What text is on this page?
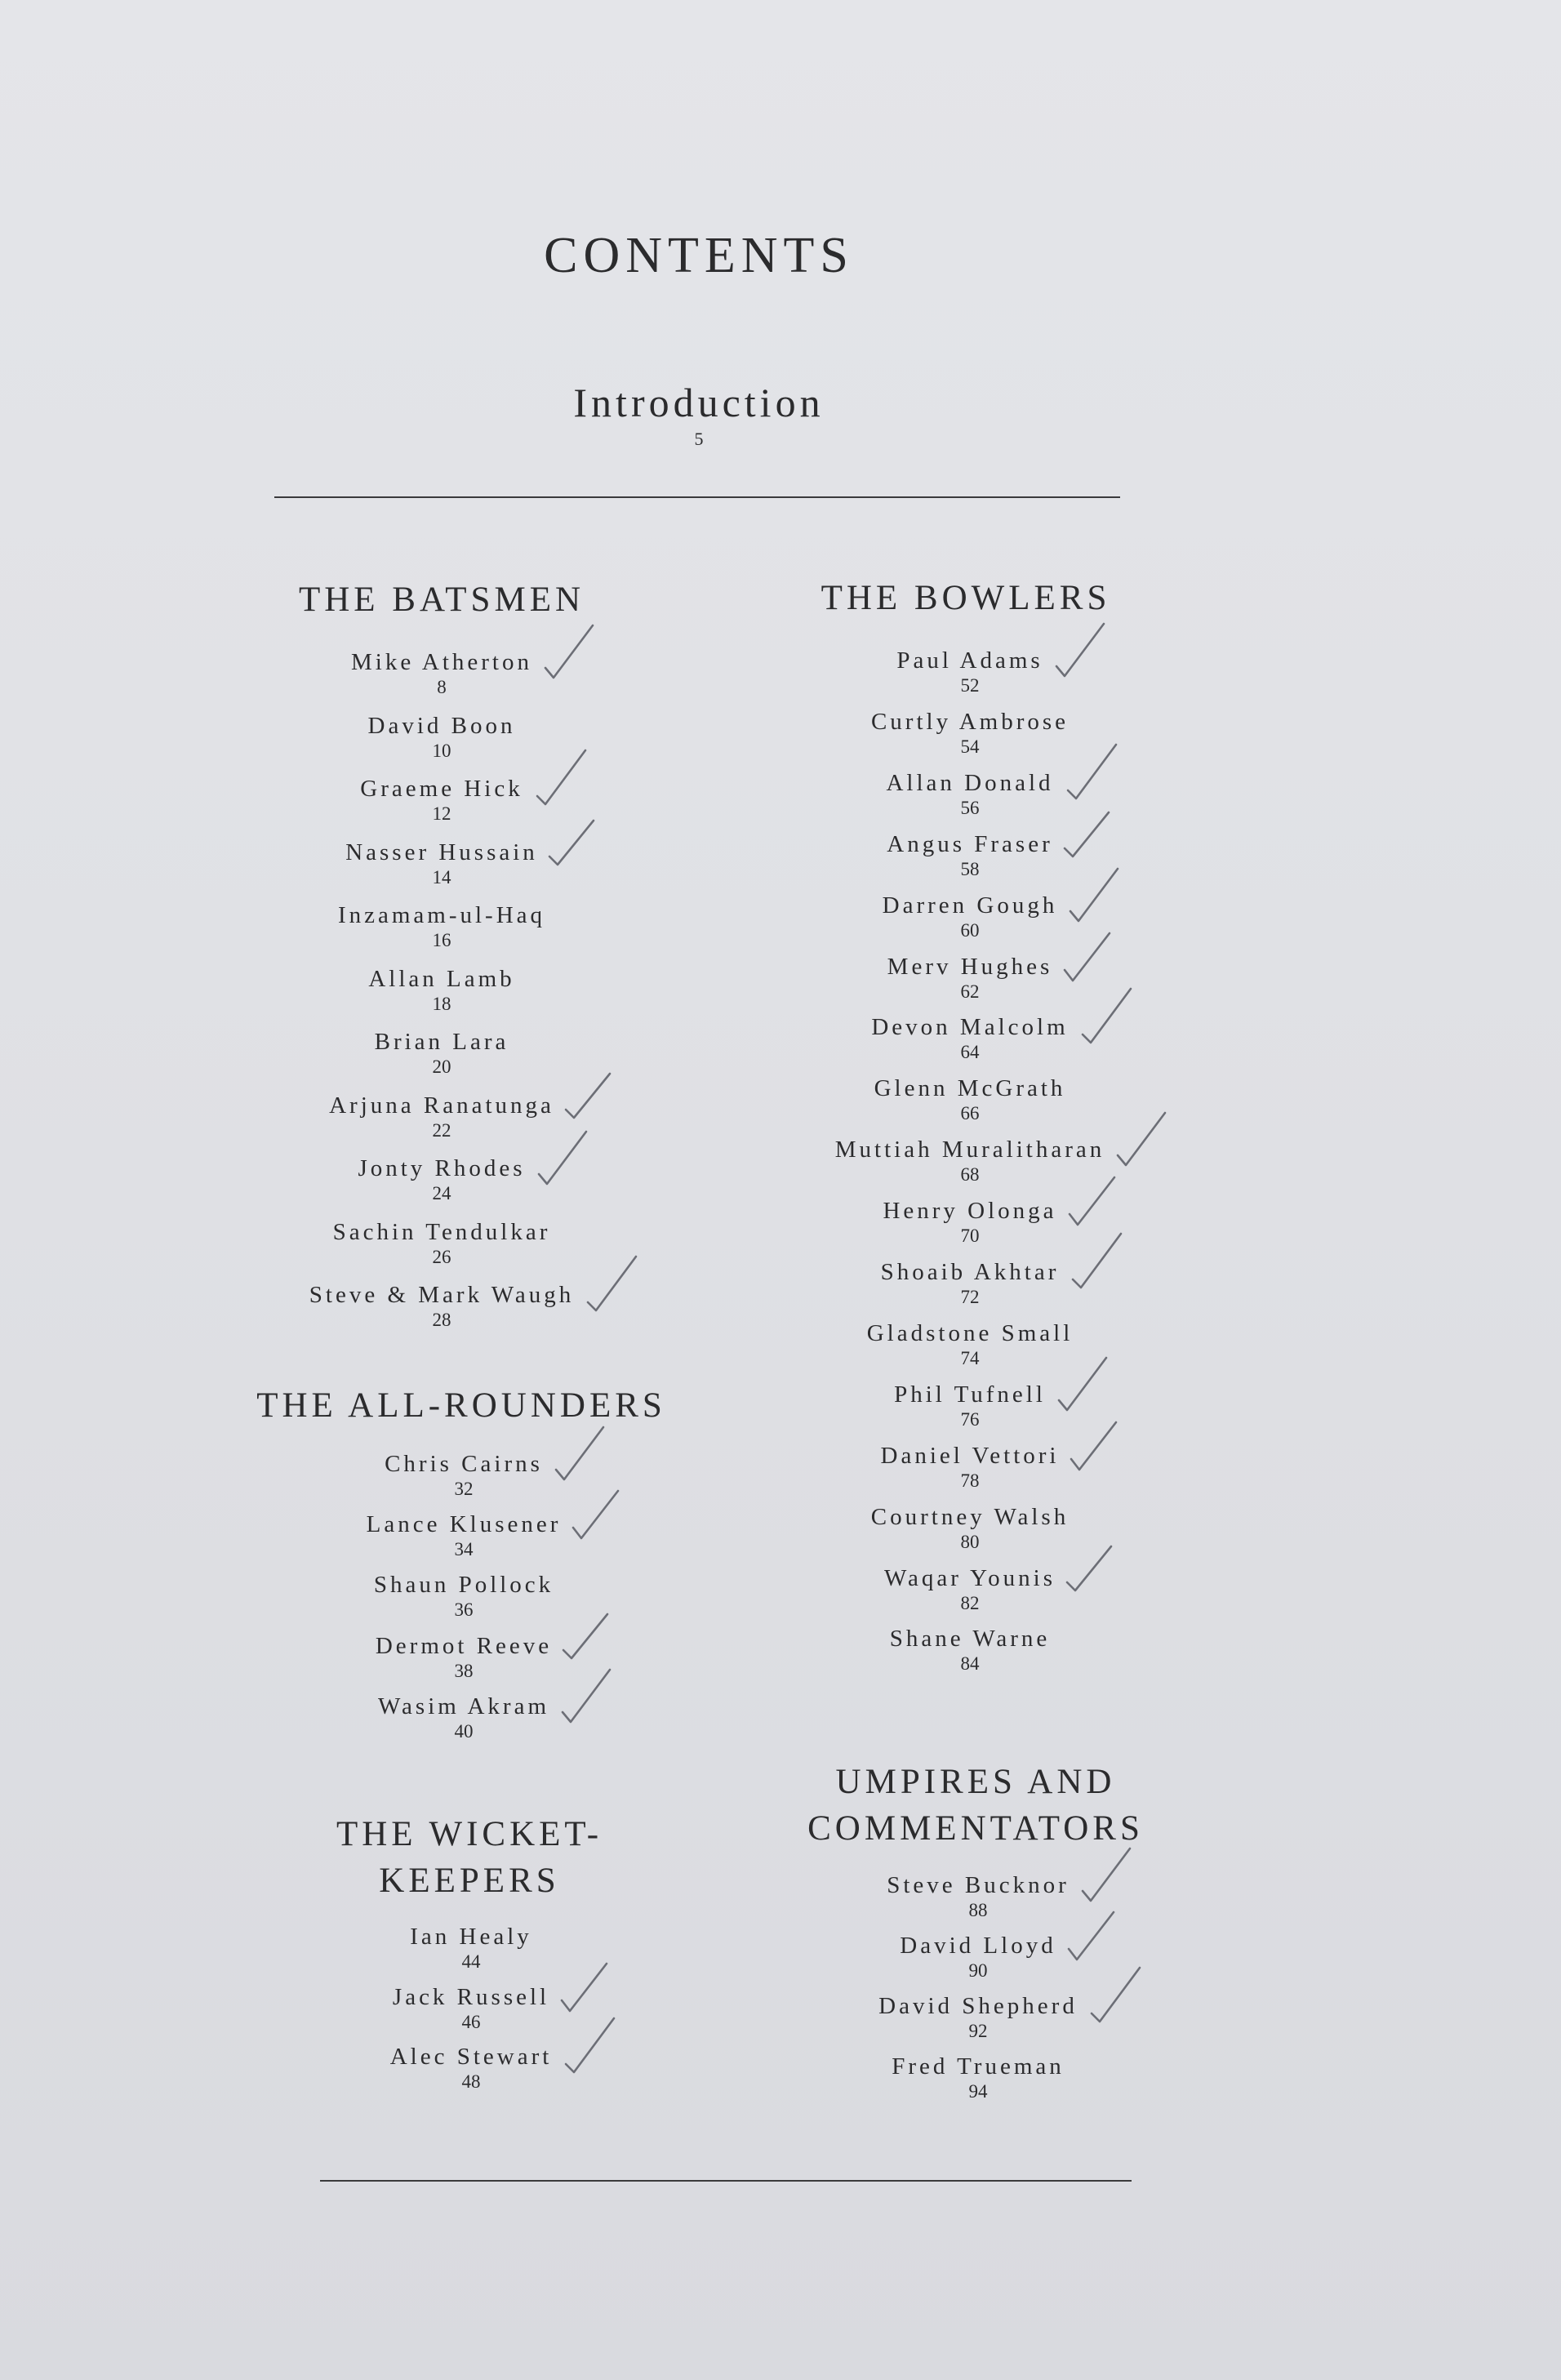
CONTENTS
Introduction
5
THE BATSMEN	THE BOWLERS
THE ALL-ROUNDERS
THE WICKET-
KEEPERS
UMPIRES AND
COMMENTATORS
Mike Atherton
8
David Boon
10
Graeme Hick
12
Nasser Hussain
14
Inzamam-ul-Haq
16
Allan Lamb
18
Brian Lara
20
Arjuna Ranatunga
22
Jonty Rhodes
24
Sachin Tendulkar
26
Steve & Mark Waugh
28
Chris Cairns
32
Lance Klusener
34
Shaun Pollock
36
Dermot Reeve
38
Wasim Akram
40
Ian Healy
44
Jack Russell
46
Alec Stewart
48
Paul Adams
52
Curtly Ambrose
54
Allan Donald
56
Angus Fraser
58
Darren Gough
60
Merv Hughes
62
Devon Malcolm
64
Glenn McGrath
66
Muttiah Muralitharan
68
Henry Olonga
70
Shoaib Akhtar
72
Gladstone Small
74
Phil Tufnell
76
Daniel Vettori
78
Courtney Walsh
80
Waqar Younis
82
Shane Warne
84
Steve Bucknor
88
David Lloyd
90
David Shepherd
92
Fred Trueman
94
